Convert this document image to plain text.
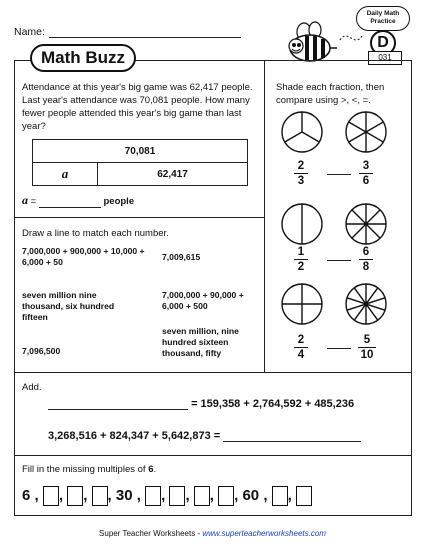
Name:
Daily Math
Practice
D
031
Math Buzz
Attendance at this year's big game was 62,417 people. Last year's attendance was 70,081 people. How many fewer people attended this year's big game than last year?
70,081
a	62,417
a =	people
Shade each fraction, then compare using >, <, =.
2
3
3
6
1
2
6
8
2
4
5
10
Draw a line to match each number.
7,000,000 + 900,000 + 10,000 + 6,000 + 50
seven million nine thousand, six hundred fifteen
7,096,500
7,009,615
7,000,000 + 90,000 + 6,000 + 500
seven million, nine hundred sixteen thousand, fifty
Add.
= 159,358 + 2,764,592 + 485,236
3,268,516 + 824,347 + 5,642,873 =
Fill in the missing multiples of 6.
6 , , , , 30 , , , , , 60 , ,
Super Teacher Worksheets - www.superteacherworksheets.com
